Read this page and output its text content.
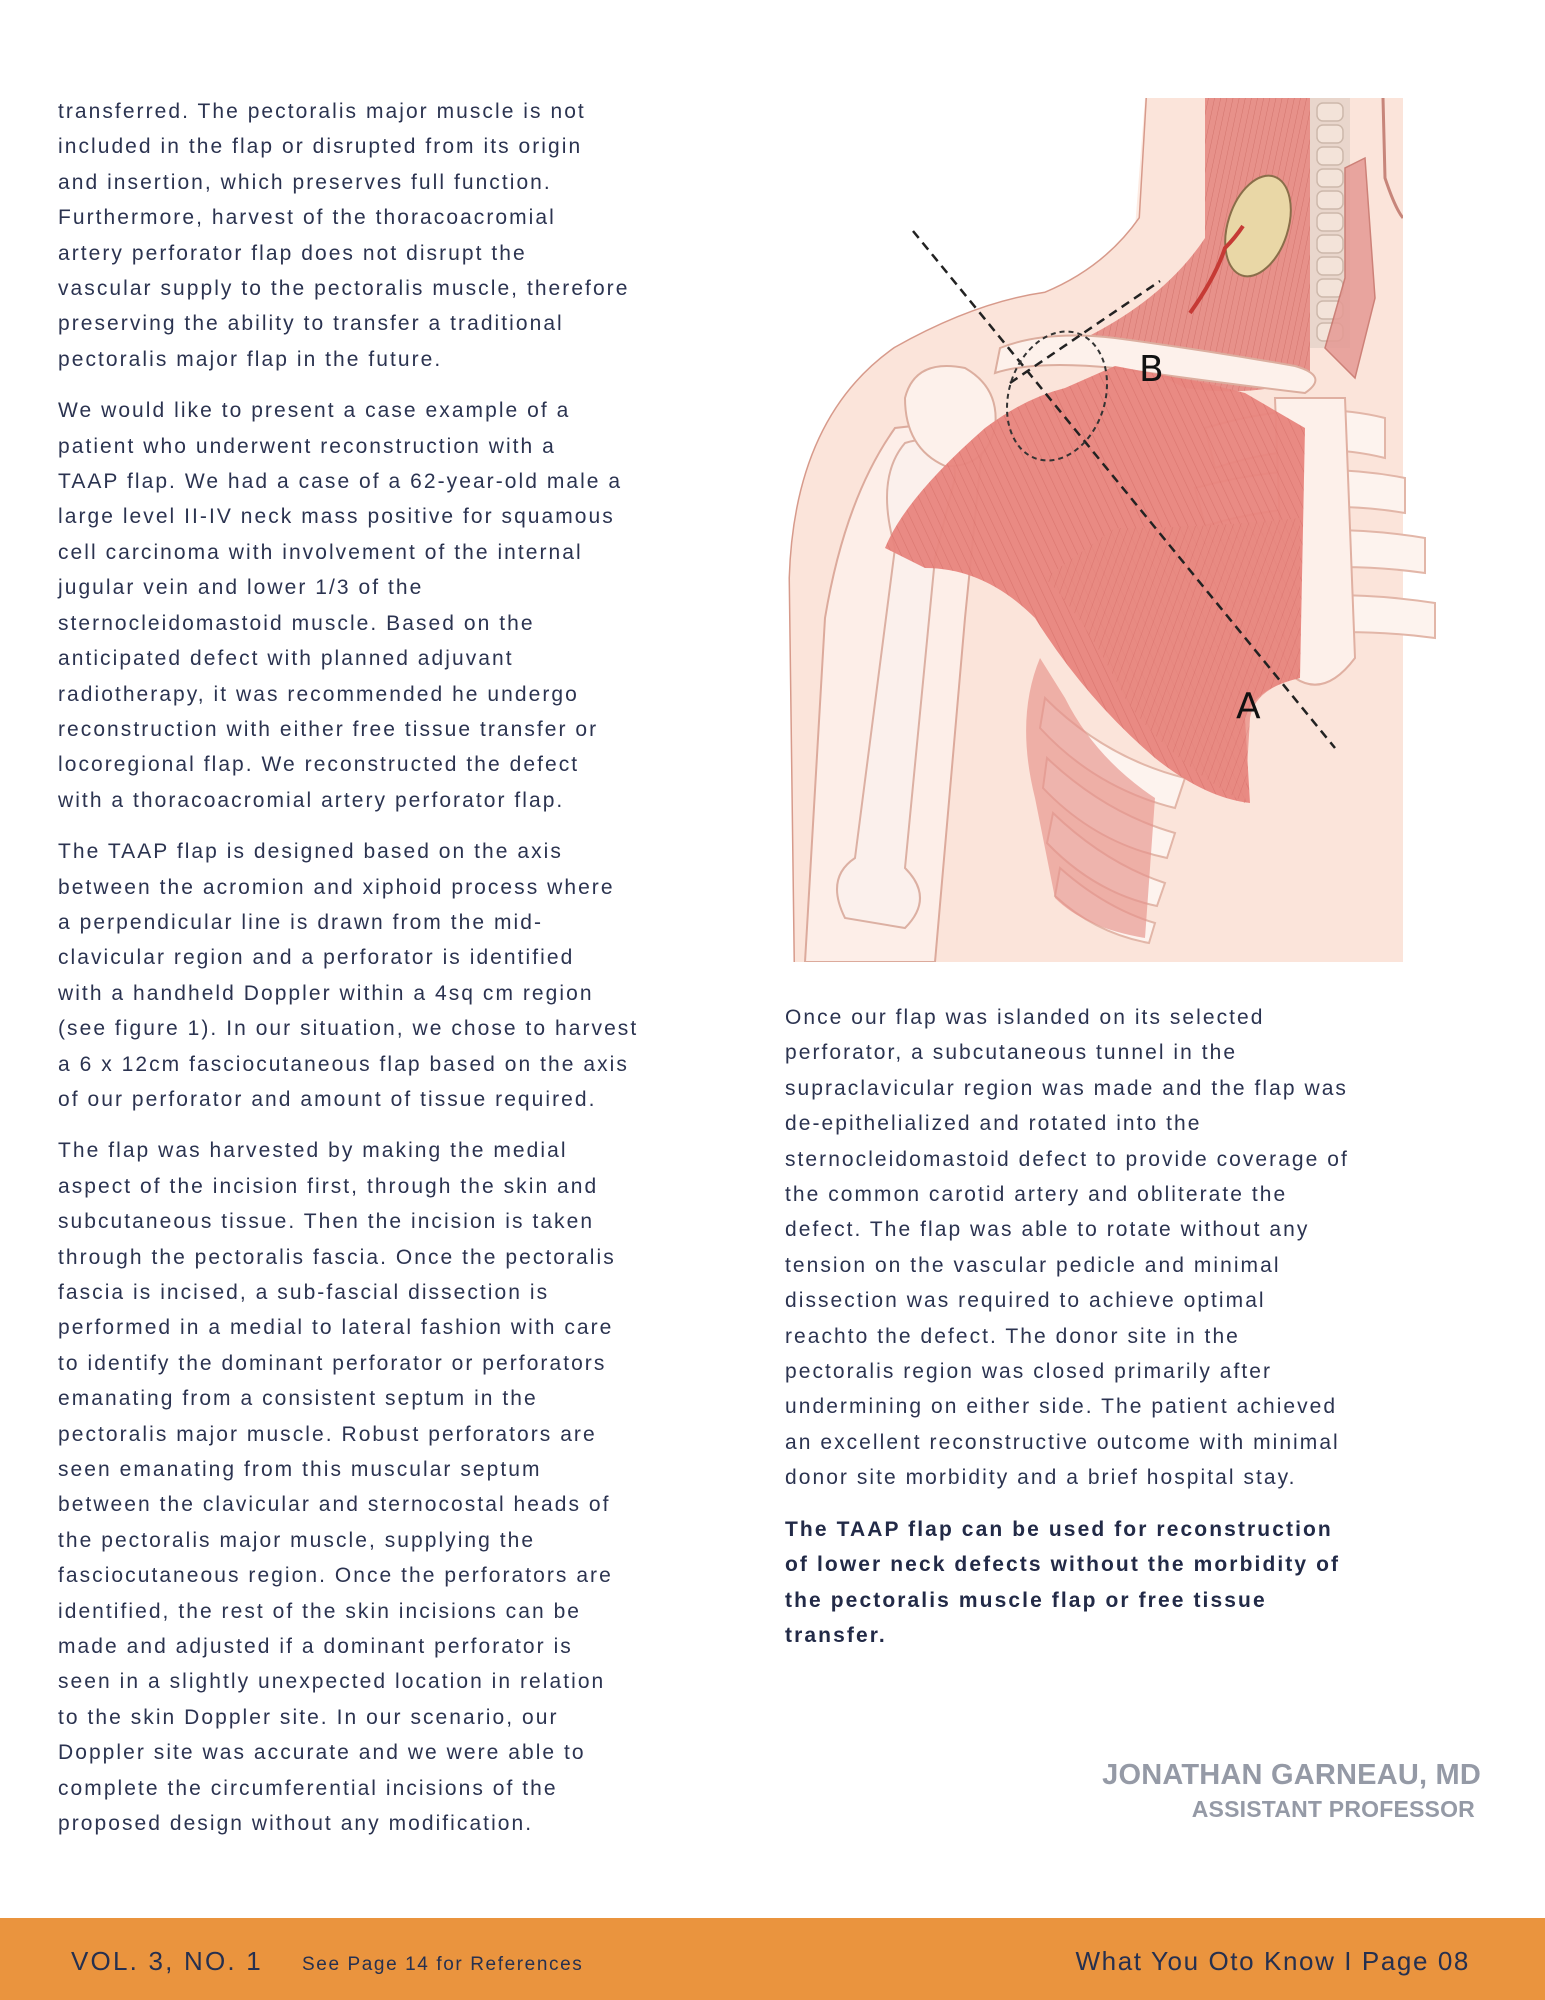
transferred. The pectoralis major muscle is not
included in the flap or disrupted from its origin
and insertion, which preserves full function.
Furthermore, harvest of the thoracoacromial
artery perforator flap does not disrupt the
vascular supply to the pectoralis muscle, therefore
preserving the ability to transfer a traditional
pectoralis major flap in the future.

We would like to present a case example of a
patient who underwent reconstruction with a
TAAP flap. We had a case of a 62-year-old male a
large level II-IV neck mass positive for squamous
cell carcinoma with involvement of the internal
jugular vein and lower 1/3 of the
sternocleidomastoid muscle. Based on the
anticipated defect with planned adjuvant
radiotherapy, it was recommended he undergo
reconstruction with either free tissue transfer or
locoregional flap. We reconstructed the defect
with a thoracoacromial artery perforator flap.

The TAAP flap is designed based on the axis
between the acromion and xiphoid process where
a perpendicular line is drawn from the mid-
clavicular region and a perforator is identified
with a handheld Doppler within a 4sq cm region
(see figure 1). In our situation, we chose to harvest
a 6 x 12cm fasciocutaneous flap based on the axis
of our perforator and amount of tissue required.

The flap was harvested by making the medial
aspect of the incision first, through the skin and
subcutaneous tissue. Then the incision is taken
through the pectoralis fascia. Once the pectoralis
fascia is incised, a sub-fascial dissection is
performed in a medial to lateral fashion with care
to identify the dominant perforator or perforators
emanating from a consistent septum in the
pectoralis major muscle. Robust perforators are
seen emanating from this muscular septum
between the clavicular and sternocostal heads of
the pectoralis major muscle, supplying the
fasciocutaneous region. Once the perforators are
identified, the rest of the skin incisions can be
made and adjusted if a dominant perforator is
seen in a slightly unexpected location in relation
to the skin Doppler site. In our scenario, our
Doppler site was accurate and we were able to
complete the circumferential incisions of the
proposed design without any modification.

B
A

Once our flap was islanded on its selected
perforator, a subcutaneous tunnel in the
supraclavicular region was made and the flap was
de-epithelialized and rotated into the
sternocleidomastoid defect to provide coverage of
the common carotid artery and obliterate the
defect. The flap was able to rotate without any
tension on the vascular pedicle and minimal
dissection was required to achieve optimal
reachto the defect. The donor site in the
pectoralis region was closed primarily after
undermining on either side. The patient achieved
an excellent reconstructive outcome with minimal
donor site morbidity and a brief hospital stay.

The TAAP flap can be used for reconstruction
of lower neck defects without the morbidity of
the pectoralis muscle flap or free tissue
transfer.

JONATHAN GARNEAU, MD
ASSISTANT PROFESSOR
VOL. 3, NO. 1 See Page 14 for References	What You Oto Know I Page 08
